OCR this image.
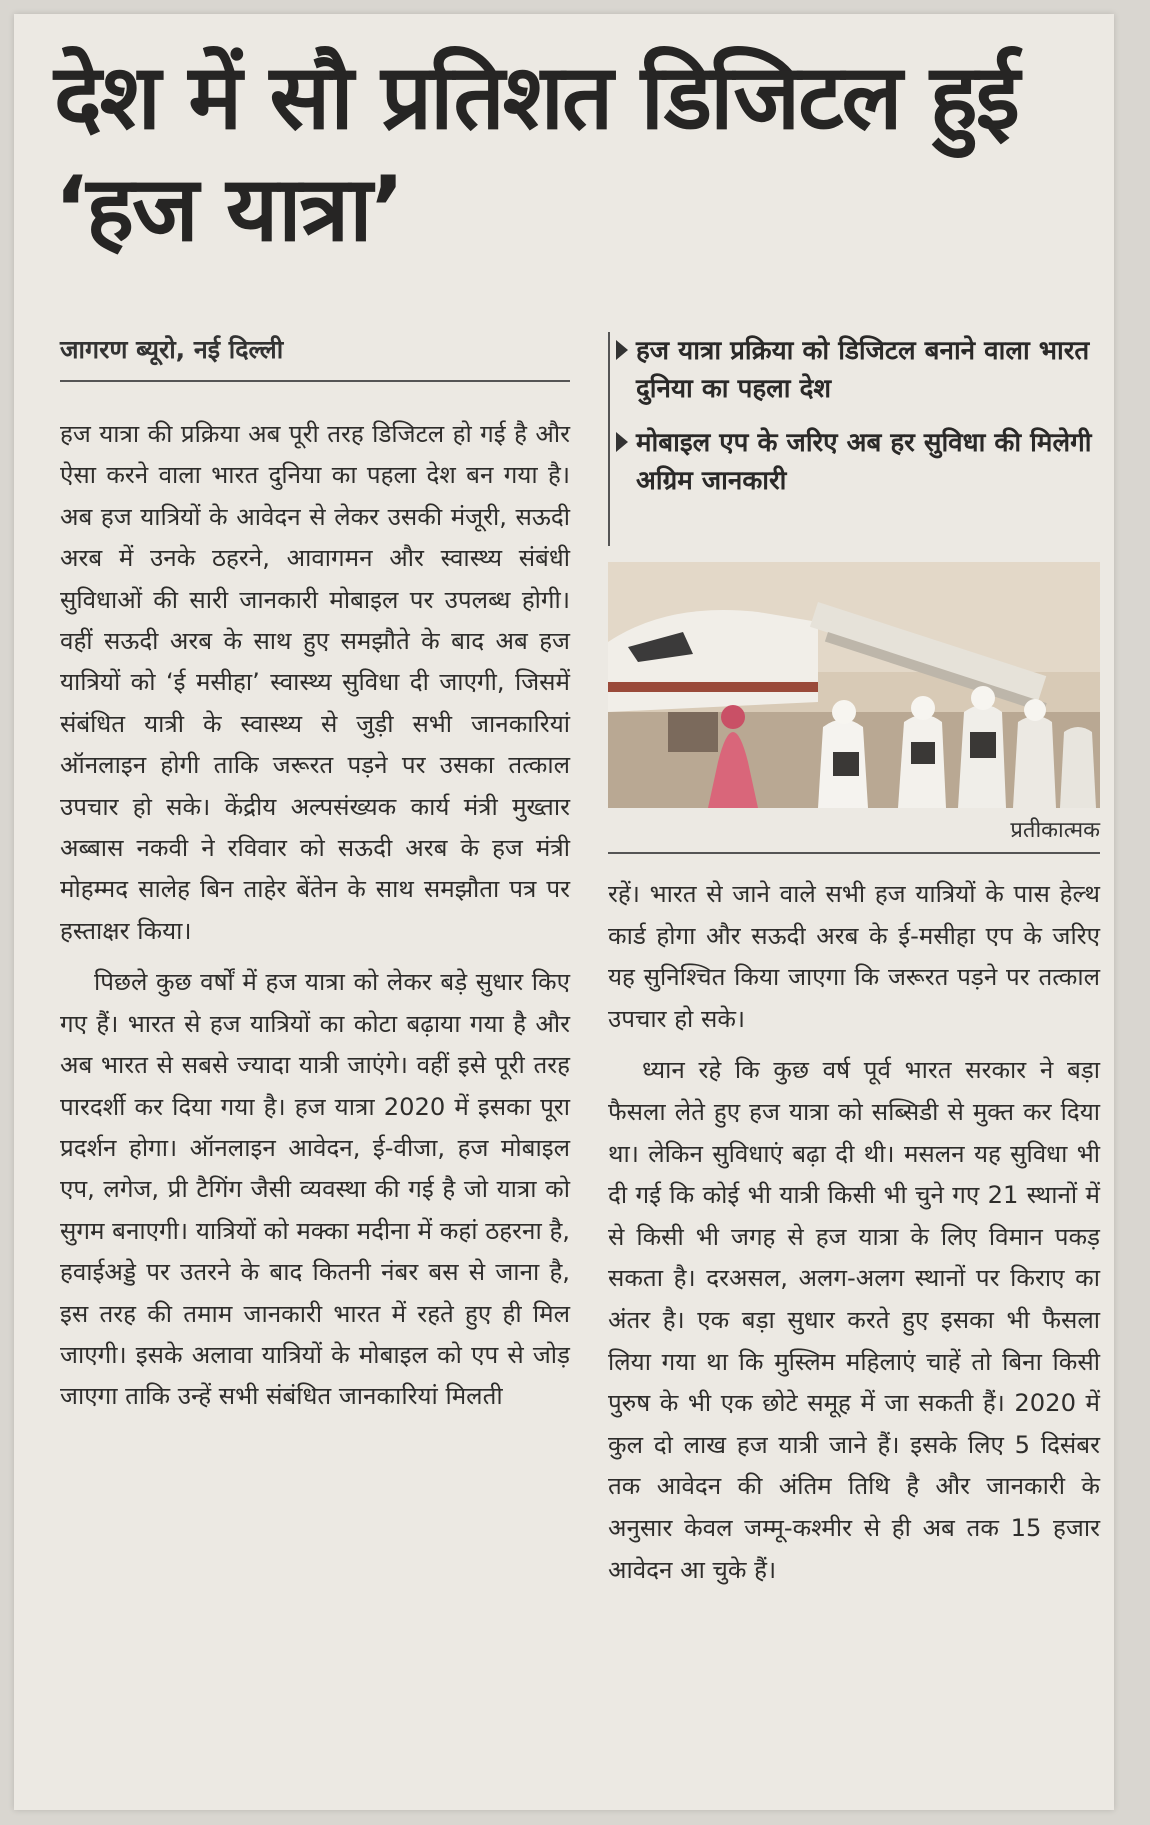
देश में सौ प्रतिशत डिजिटल हुई ‘हज यात्रा’
जागरण ब्यूरो, नई दिल्ली

हज यात्रा की प्रक्रिया अब पूरी तरह डिजिटल हो गई है और ऐसा करने वाला भारत दुनिया का पहला देश बन गया है। अब हज यात्रियों के आवेदन से लेकर उसकी मंजूरी, सऊदी अरब में उनके ठहरने, आवागमन और स्वास्थ्य संबंधी सुविधाओं की सारी जानकारी मोबाइल पर उपलब्ध होगी। वहीं सऊदी अरब के साथ हुए समझौते के बाद अब हज यात्रियों को ‘ई मसीहा’ स्वास्थ्य सुविधा दी जाएगी, जिसमें संबंधित यात्री के स्वास्थ्य से जुड़ी सभी जानकारियां ऑनलाइन होगी ताकि जरूरत पड़ने पर उसका तत्काल उपचार हो सके। केंद्रीय अल्पसंख्यक कार्य मंत्री मुख्तार अब्बास नकवी ने रविवार को सऊदी अरब के हज मंत्री मोहम्मद सालेह बिन ताहेर बेंतेन के साथ समझौता पत्र पर हस्ताक्षर किया।

पिछले कुछ वर्षों में हज यात्रा को लेकर बड़े सुधार किए गए हैं। भारत से हज यात्रियों का कोटा बढ़ाया गया है और अब भारत से सबसे ज्यादा यात्री जाएंगे। वहीं इसे पूरी तरह पारदर्शी कर दिया गया है। हज यात्रा 2020 में इसका पूरा प्रदर्शन होगा। ऑनलाइन आवेदन, ई-वीजा, हज मोबाइल एप, लगेज, प्री टैगिंग जैसी व्यवस्था की गई है जो यात्रा को सुगम बनाएगी। यात्रियों को मक्का मदीना में कहां ठहरना है, हवाईअड्डे पर उतरने के बाद कितनी नंबर बस से जाना है, इस तरह की तमाम जानकारी भारत में रहते हुए ही मिल जाएगी। इसके अलावा यात्रियों के मोबाइल को एप से जोड़ जाएगा ताकि उन्हें सभी संबंधित जानकारियां मिलती

हज यात्रा प्रक्रिया को डिजिटल बनाने वाला भारत दुनिया का पहला देश
मोबाइल एप के जरिए अब हर सुविधा की मिलेगी अग्रिम जानकारी
प्रतीकात्मक

रहें। भारत से जाने वाले सभी हज यात्रियों के पास हेल्थ कार्ड होगा और सऊदी अरब के ई-मसीहा एप के जरिए यह सुनिश्चित किया जाएगा कि जरूरत पड़ने पर तत्काल उपचार हो सके।

ध्यान रहे कि कुछ वर्ष पूर्व भारत सरकार ने बड़ा फैसला लेते हुए हज यात्रा को सब्सिडी से मुक्त कर दिया था। लेकिन सुविधाएं बढ़ा दी थी। मसलन यह सुविधा भी दी गई कि कोई भी यात्री किसी भी चुने गए 21 स्थानों में से किसी भी जगह से हज यात्रा के लिए विमान पकड़ सकता है। दरअसल, अलग-अलग स्थानों पर किराए का अंतर है। एक बड़ा सुधार करते हुए इसका भी फैसला लिया गया था कि मुस्लिम महिलाएं चाहें तो बिना किसी पुरुष के भी एक छोटे समूह में जा सकती हैं। 2020 में कुल दो लाख हज यात्री जाने हैं। इसके लिए 5 दिसंबर तक आवेदन की अंतिम तिथि है और जानकारी के अनुसार केवल जम्मू-कश्मीर से ही अब तक 15 हजार आवेदन आ चुके हैं।
